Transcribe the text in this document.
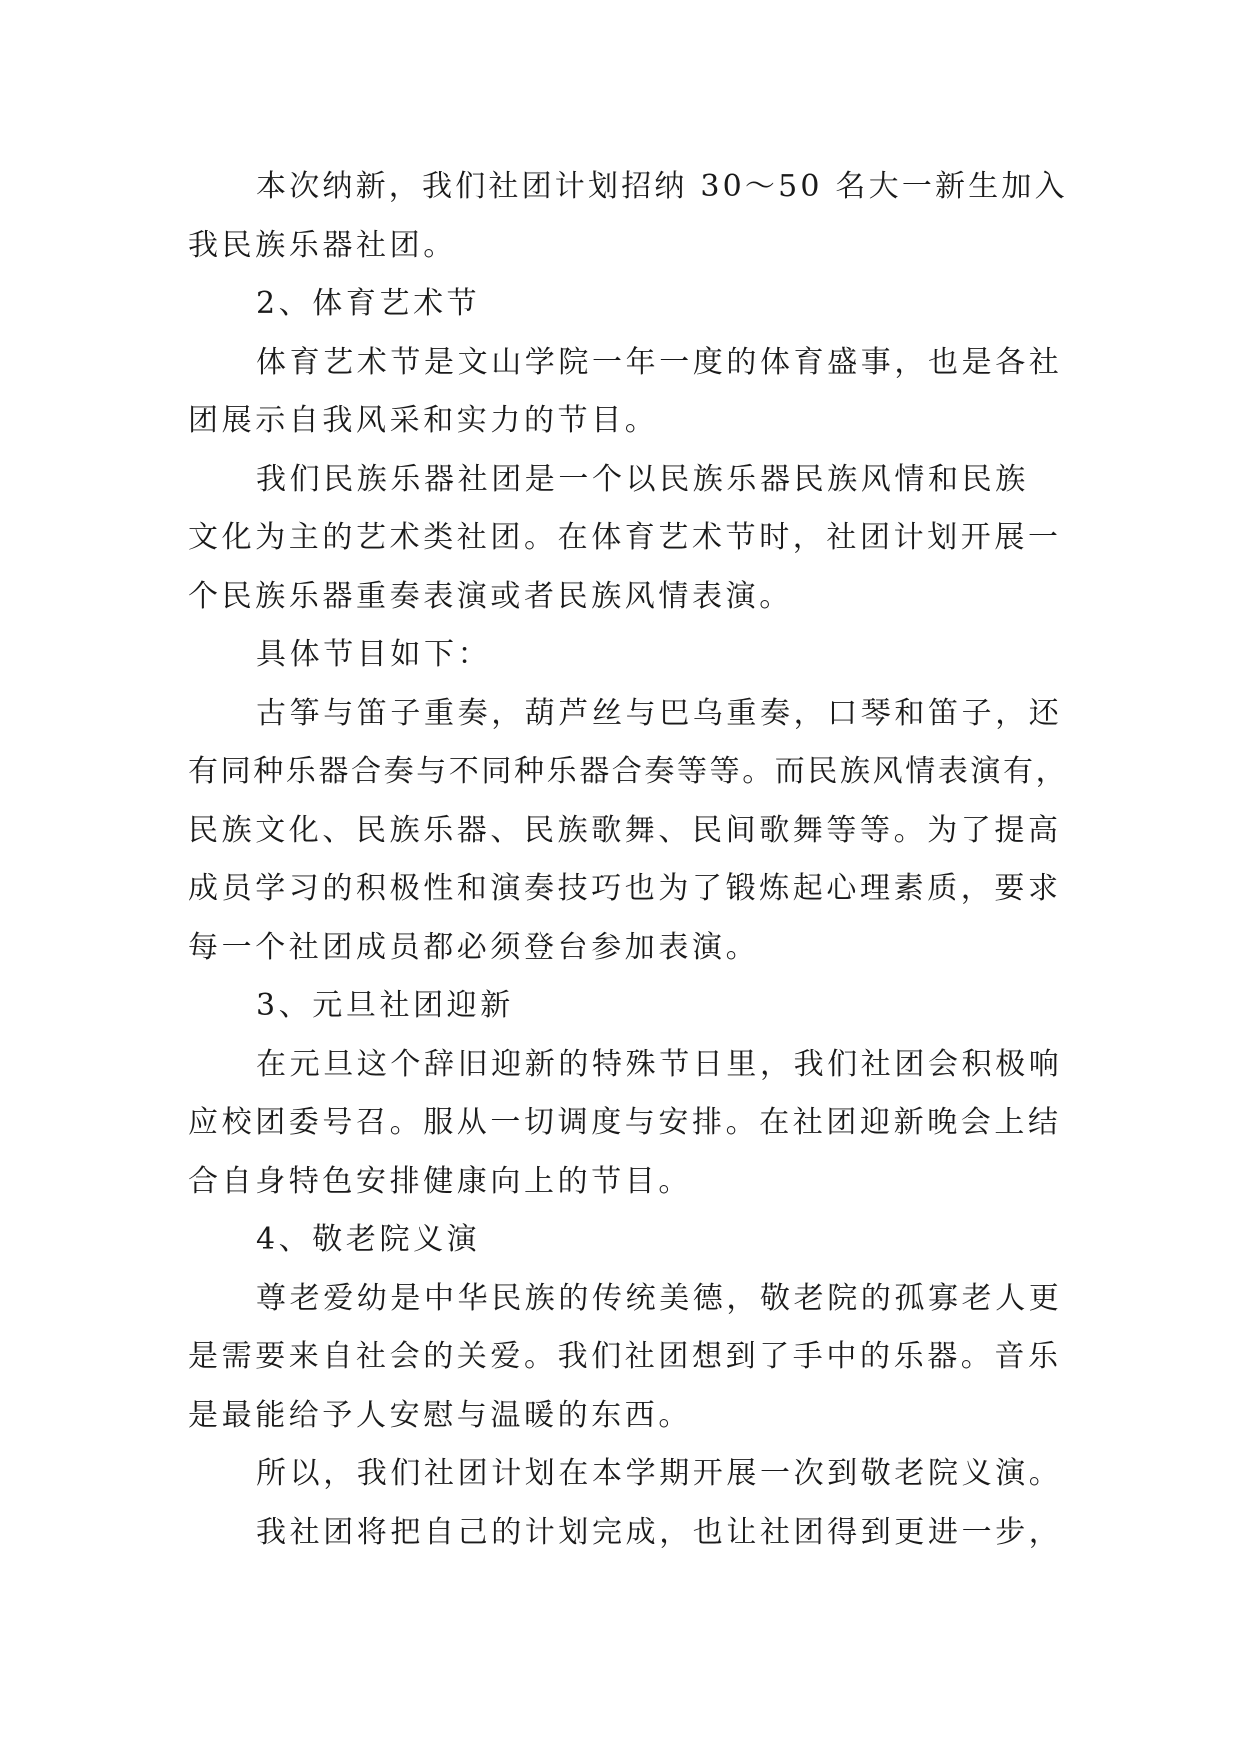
本次纳新，我们社团计划招纳 30～50 名大一新生加入
我民族乐器社团。
2、体育艺术节
体育艺术节是文山学院一年一度的体育盛事，也是各社
团展示自我风采和实力的节目。
我们民族乐器社团是一个以民族乐器民族风情和民族
文化为主的艺术类社团。在体育艺术节时，社团计划开展一
个民族乐器重奏表演或者民族风情表演。
具体节目如下：
古筝与笛子重奏，葫芦丝与巴乌重奏，口琴和笛子，还
有同种乐器合奏与不同种乐器合奏等等。而民族风情表演有，
民族文化、民族乐器、民族歌舞、民间歌舞等等。为了提高
成员学习的积极性和演奏技巧也为了锻炼起心理素质，要求
每一个社团成员都必须登台参加表演。
3、元旦社团迎新
在元旦这个辞旧迎新的特殊节日里，我们社团会积极响
应校团委号召。服从一切调度与安排。在社团迎新晚会上结
合自身特色安排健康向上的节目。
4、敬老院义演
尊老爱幼是中华民族的传统美德，敬老院的孤寡老人更
是需要来自社会的关爱。我们社团想到了手中的乐器。音乐
是最能给予人安慰与温暖的东西。
所以，我们社团计划在本学期开展一次到敬老院义演。
我社团将把自己的计划完成，也让社团得到更进一步，
